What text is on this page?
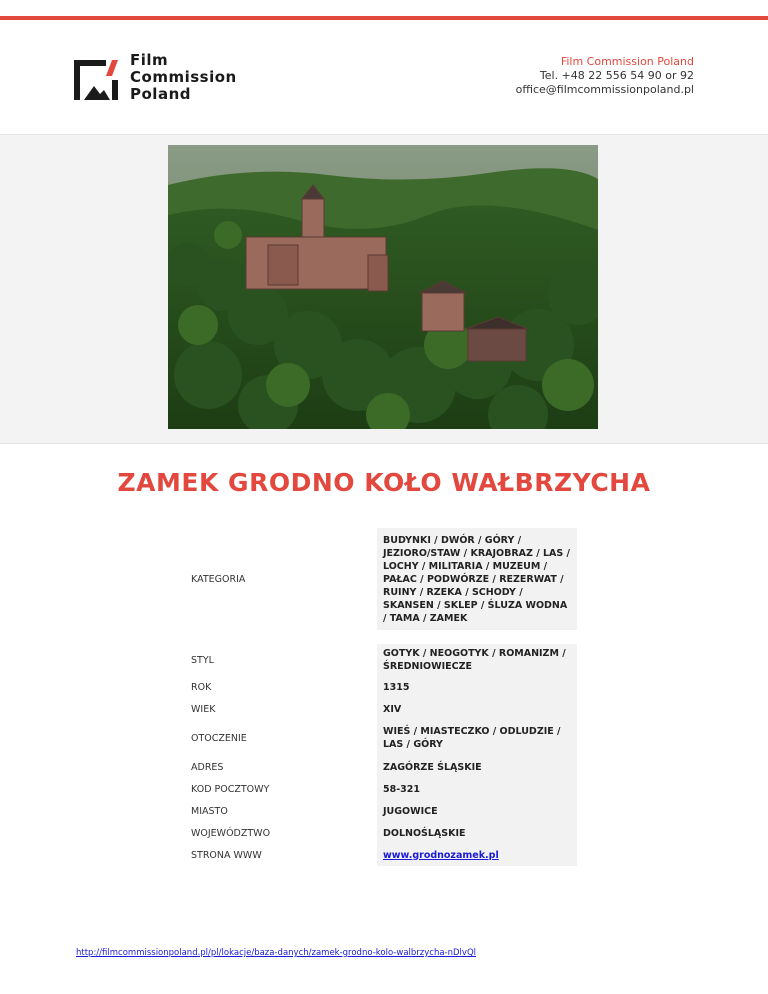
Film
Commission
Poland
Film Commission Poland
Tel. +48 22 556 54 90 or 92
office@filmcommissionpoland.pl
ZAMEK GRODNO KOŁO WAŁBRZYCHA
KATEGORIA	BUDYNKI / DWÓR / GÓRY / JEZIORO/STAW / KRAJOBRAZ / LAS / LOCHY / MILITARIA / MUZEUM / PAŁAC / PODWÓRZE / REZERWAT / RUINY / RZEKA / SCHODY / SKANSEN / SKLEP / ŚLUZA WODNA / TAMA / ZAMEK

STYL	GOTYK / NEOGOTYK / ROMANIZM / ŚREDNIOWIECZE
ROK	1315
WIEK	XIV
OTOCZENIE	WIEŚ / MIASTECZKO / ODLUDZIE / LAS / GÓRY
ADRES	ZAGÓRZE ŚLĄSKIE
KOD POCZTOWY	58-321
MIASTO	JUGOWICE
WOJEWÓDZTWO	DOLNOŚLĄSKIE
STRONA WWW	www.grodnozamek.pl
http://filmcommissionpoland.pl/pl/lokacje/baza-danych/zamek-grodno-kolo-walbrzycha-nDlvQl
